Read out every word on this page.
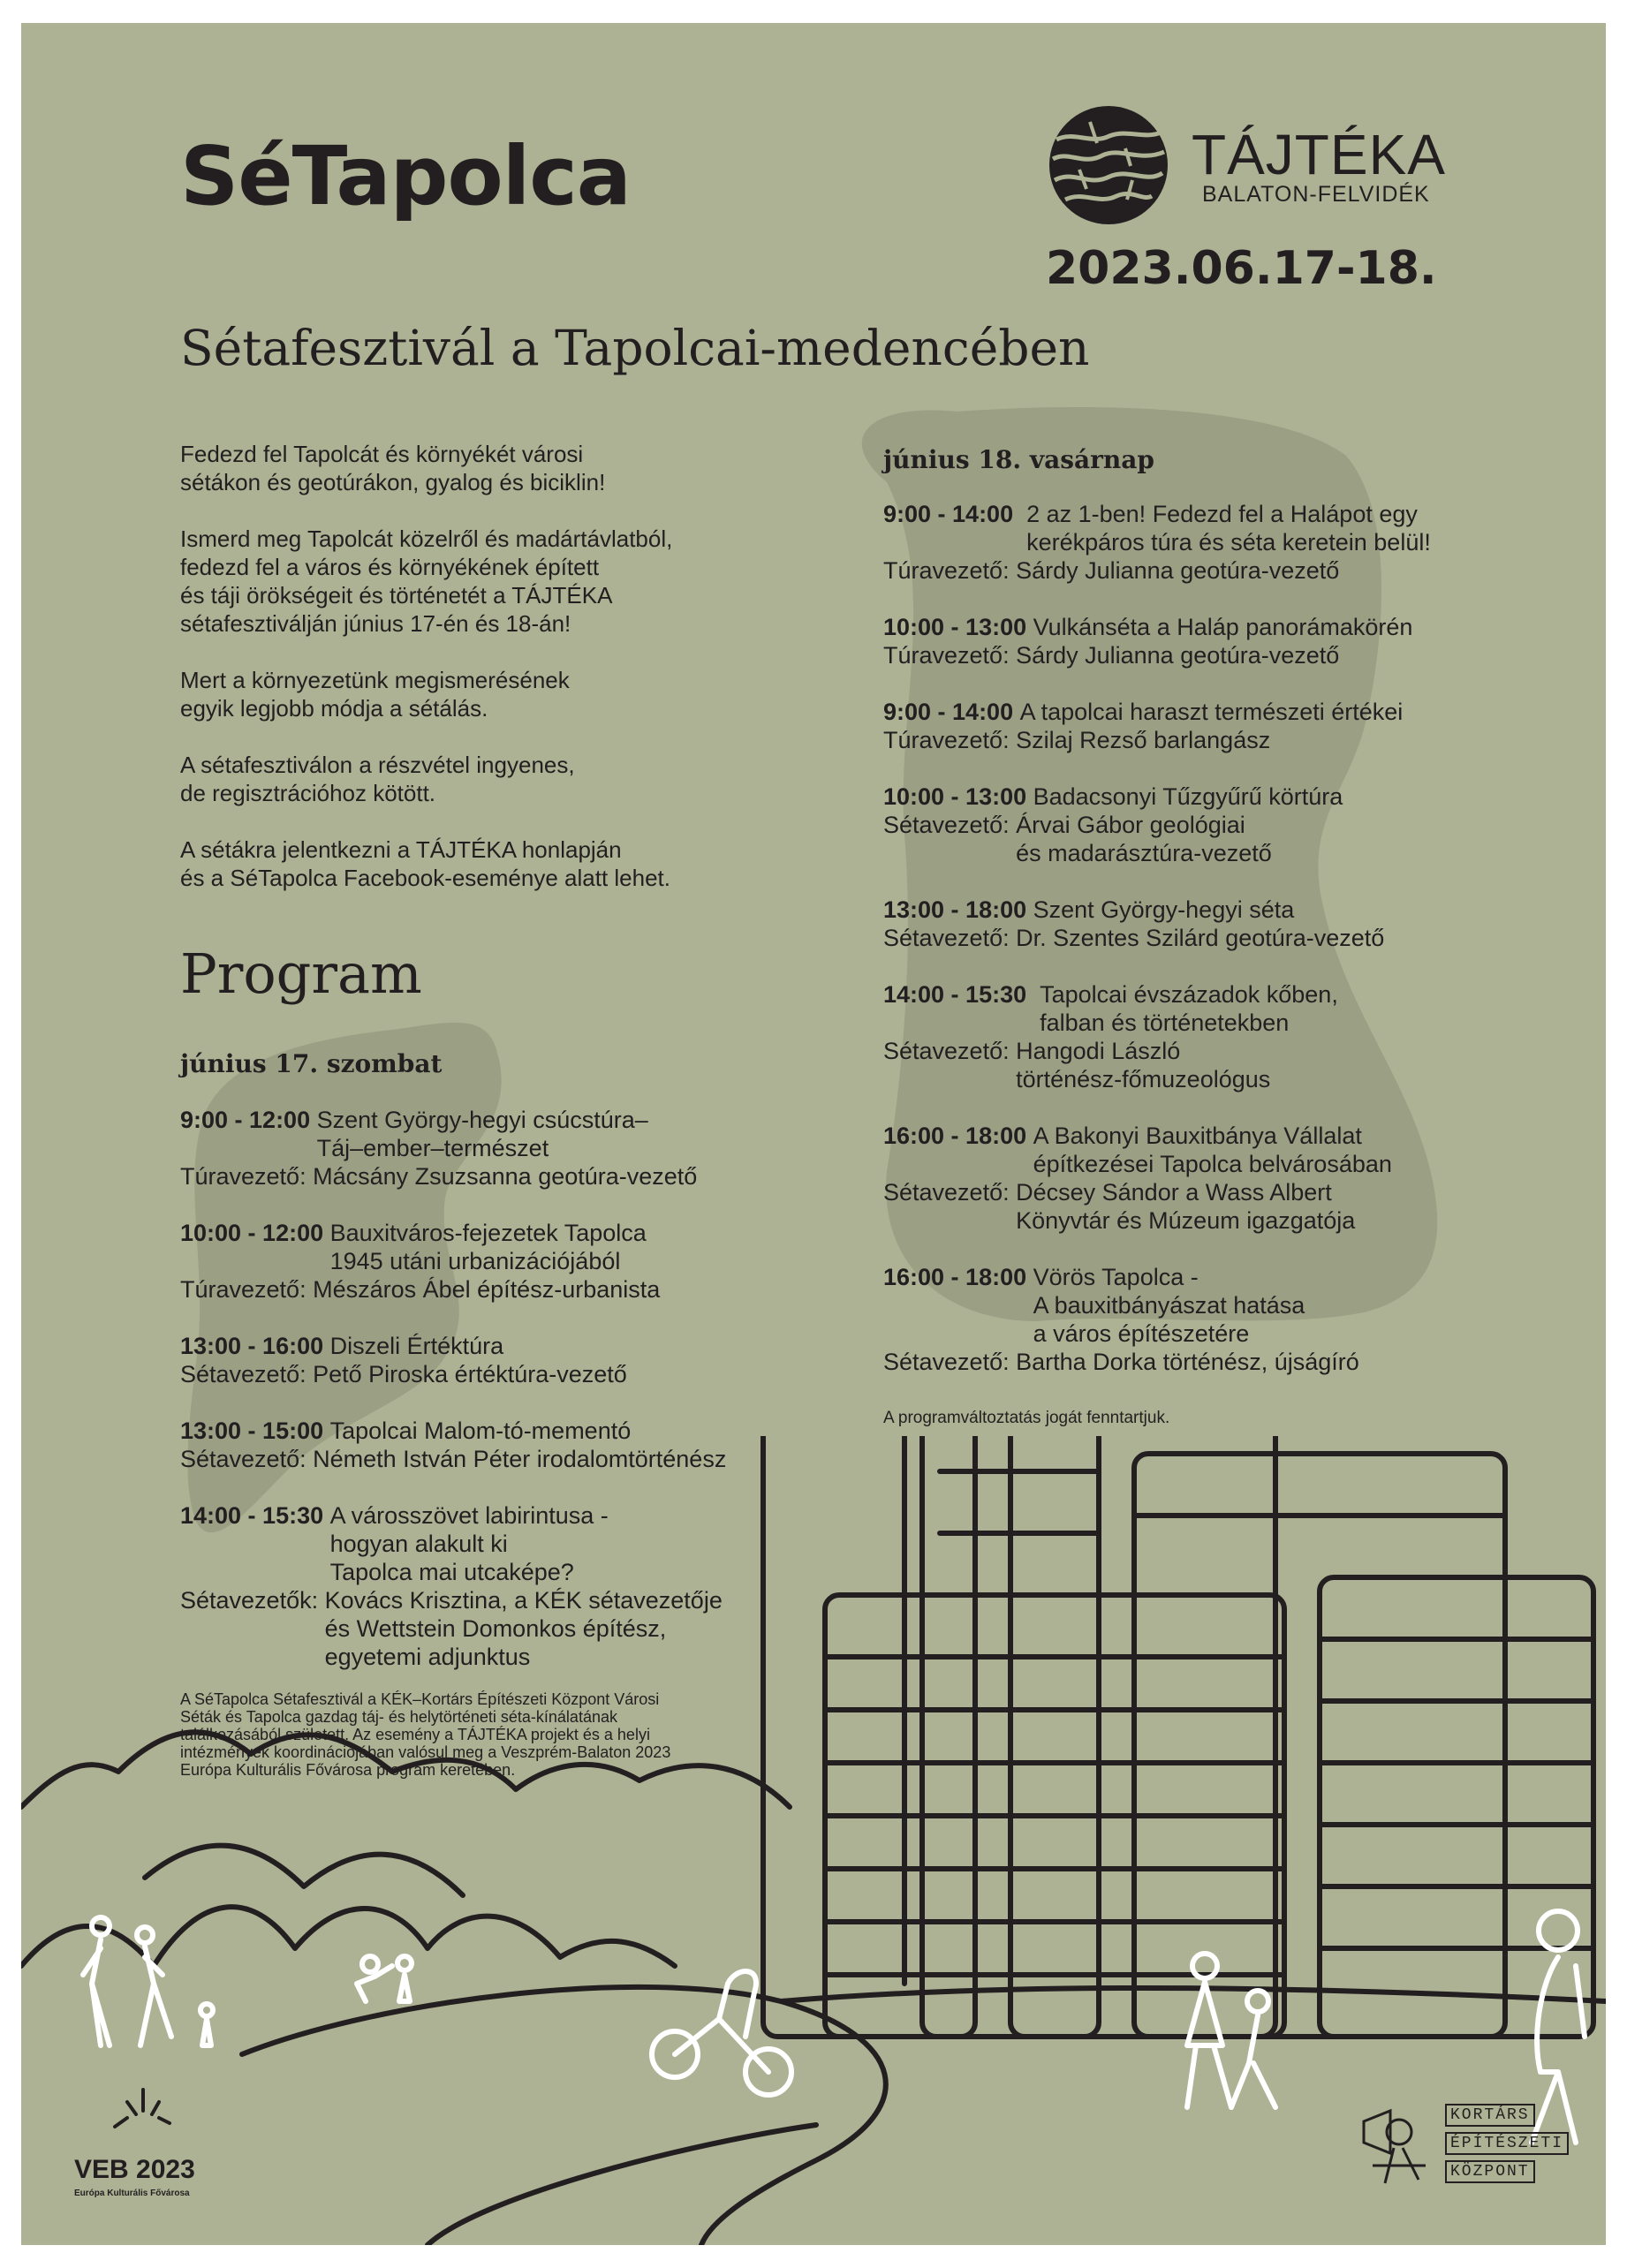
SéTapolca	TÁJTÉKA
BALATON-FELVIDÉK
2023.06.17-18.
Sétafesztivál a Tapolcai-medencében

Fedezd fel Tapolcát és környékét városi
sétákon és geotúrákon, gyalog és biciklin!

Ismerd meg Tapolcát közelről és madártávlatból,
fedezd fel a város és környékének épített
és táji örökségeit és történetét a TÁJTÉKA
sétafesztiválján június 17-én és 18-án!

Mert a környezetünk megismerésének
egyik legjobb módja a sétálás.

A sétafesztiválon a részvétel ingyenes,
de regisztrációhoz kötött.

A sétákra jelentkezni a TÁJTÉKA honlapján
és a SéTapolca Facebook-eseménye alatt lehet.

Program
június 17. szombat
9:00 - 12:00 Szent György-hegyi csúcstúra–
Táj–ember–természet
Túravezető: Mácsány Zsuzsanna geotúra-vezető
10:00 - 12:00 Bauxitváros-fejezetek Tapolca
1945 utáni urbanizációjából
Túravezető: Mészáros Ábel építész-urbanista
13:00 - 16:00 Diszeli Értéktúra
Sétavezető: Pető Piroska értéktúra-vezető
13:00 - 15:00 Tapolcai Malom-tó-mementó
Sétavezető: Németh István Péter irodalomtörténész
14:00 - 15:30 A városszövet labirintusa -
hogyan alakult ki
Tapolca mai utcaképe?
Sétavezetők: Kovács Krisztina, a KÉK sétavezetője
és Wettstein Domonkos építész,
egyetemi adjunktus
június 18. vasárnap
9:00 - 14:00 2 az 1-ben! Fedezd fel a Halápot egy
kerékpáros túra és séta keretein belül!
Túravezető: Sárdy Julianna geotúra-vezető
10:00 - 13:00 Vulkánséta a Haláp panorámakörén
Túravezető: Sárdy Julianna geotúra-vezető
9:00 - 14:00 A tapolcai haraszt természeti értékei
Túravezető: Szilaj Rezső barlangász
10:00 - 13:00 Badacsonyi Tűzgyűrű körtúra
Sétavezető: Árvai Gábor geológiai
és madarásztúra-vezető
13:00 - 18:00 Szent György-hegyi séta
Sétavezető: Dr. Szentes Szilárd geotúra-vezető
14:00 - 15:30 Tapolcai évszázadok kőben,
falban és történetekben
Sétavezető: Hangodi László
történész-főmuzeológus
16:00 - 18:00 A Bakonyi Bauxitbánya Vállalat
építkezései Tapolca belvárosában
Sétavezető: Décsey Sándor a Wass Albert
Könyvtár és Múzeum igazgatója
16:00 - 18:00 Vörös Tapolca -
A bauxitbányászat hatása
a város építészetére
Sétavezető: Bartha Dorka történész, újságíró
A programváltoztatás jogát fenntartjuk.
A SéTapolca Sétafesztivál a KÉK–Kortárs Építészeti Központ Városi
Séták és Tapolca gazdag táj- és helytörténeti séta-kínálatának
találkozásából született. Az esemény a TÁJTÉKA projekt és a helyi
intézmények koordinációjában valósul meg a Veszprém-Balaton 2023
Európa Kulturális Fővárosa program keretében.
VEB 2023
Európa Kulturális Fővárosa
KORTÁRS
ÉPÍTÉSZETI
KÖZPONT
